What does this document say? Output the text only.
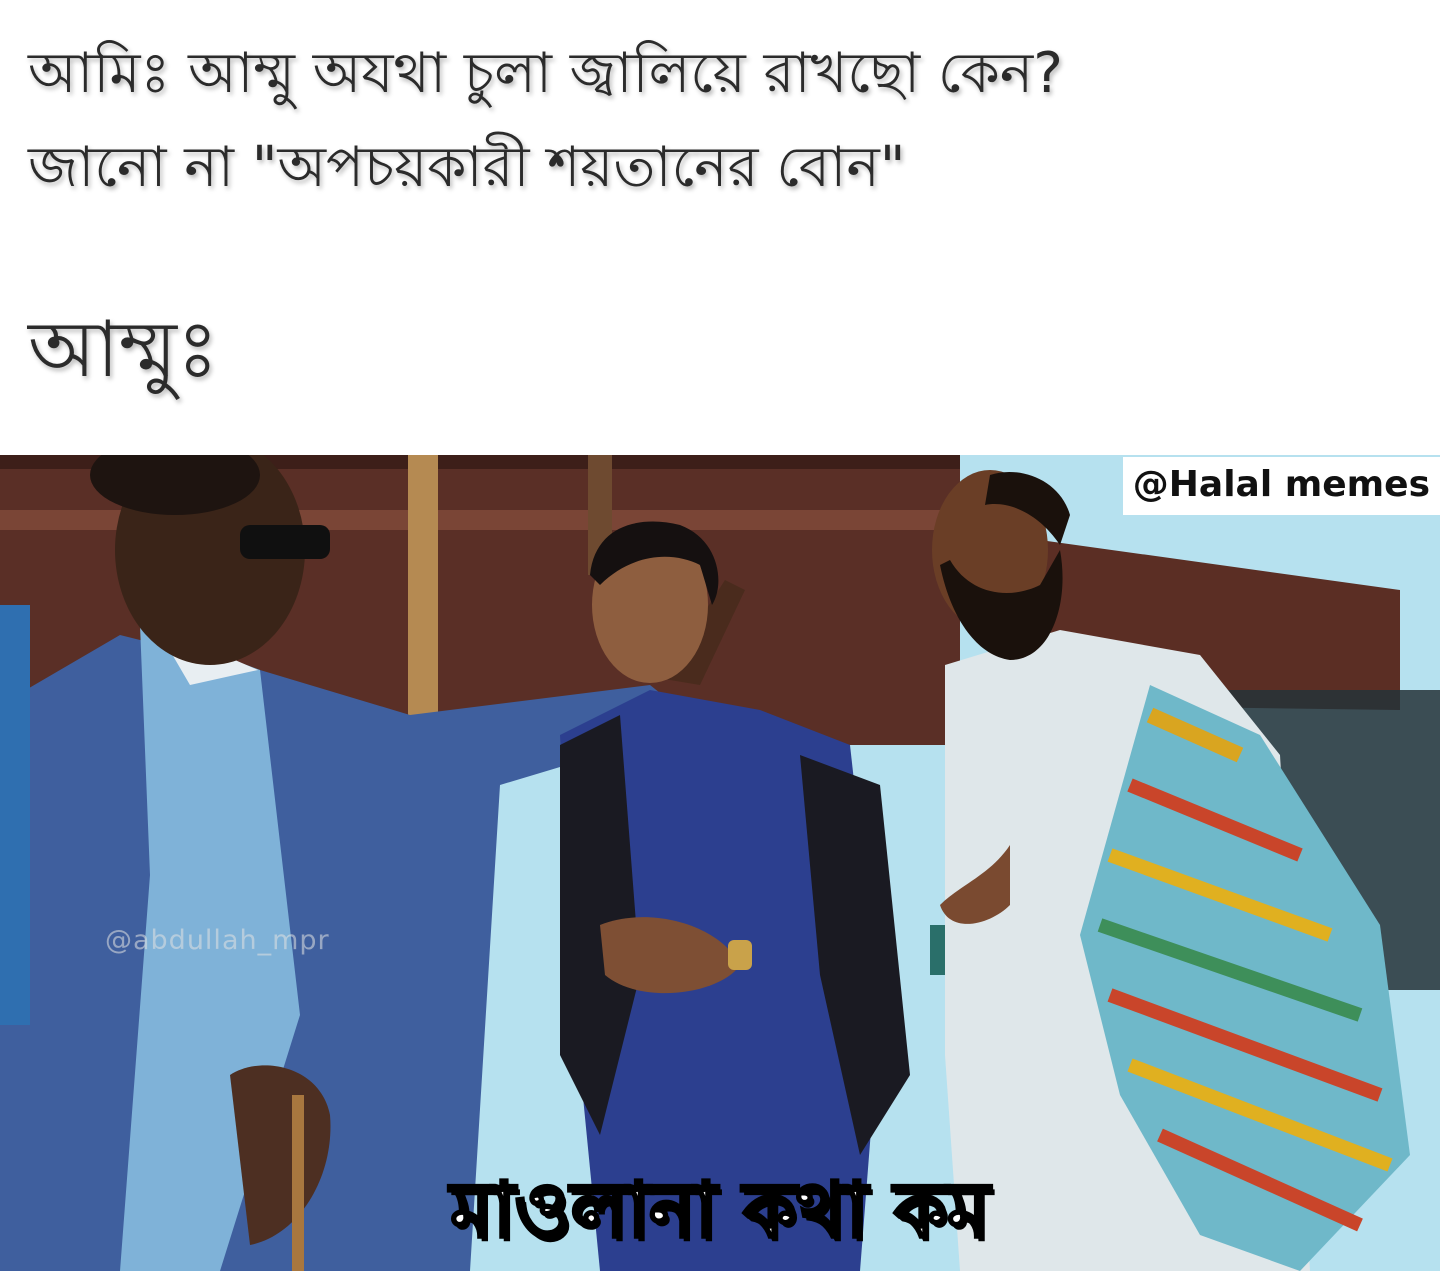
আমিঃ আম্মু অযথা চুলা জ্বালিয়ে রাখছো কেন?
জানো না "অপচয়কারী শয়তানের বোন"
আম্মুঃ
@Halal memes
@abdullah_mpr
মাওলানা কথা কম
